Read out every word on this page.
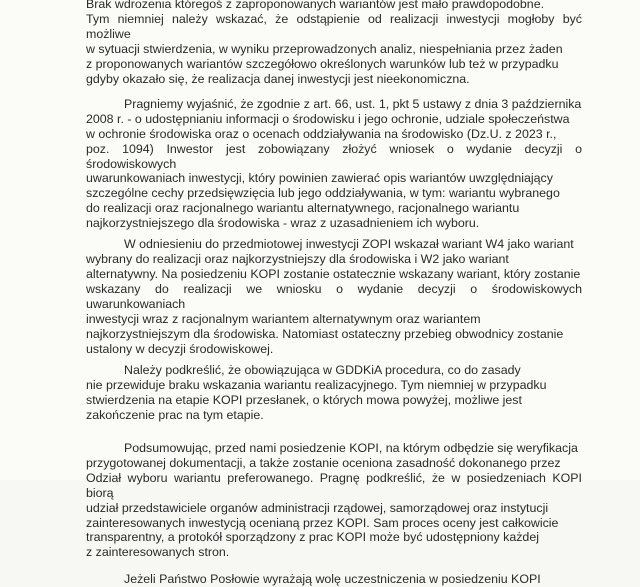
Brak wdrożenia któregoś z zaproponowanych wariantów jest mało prawdopodobne.
Tym niemniej należy wskazać, że odstąpienie od realizacji inwestycji mogłoby być możliwe
w sytuacji stwierdzenia, w wyniku przeprowadzonych analiz, niespełniania przez żaden
z proponowanych wariantów szczegółowo określonych warunków lub też w przypadku
gdyby okazało się, że realizacja danej inwestycji jest nieekonomiczna.

Pragniemy wyjaśnić, że zgodnie z art. 66, ust. 1, pkt 5 ustawy z dnia 3 października
2008 r. - o udostępnianiu informacji o środowisku i jego ochronie, udziale społeczeństwa
w ochronie środowiska oraz o ocenach oddziaływania na środowisko (Dz.U. z 2023 r.,
poz. 1094) Inwestor jest zobowiązany złożyć wniosek o wydanie decyzji o środowiskowych
uwarunkowaniach inwestycji, który powinien zawierać opis wariantów uwzględniający
szczególne cechy przedsięwzięcia lub jego oddziaływania, w tym: wariantu wybranego
do realizacji oraz racjonalnego wariantu alternatywnego, racjonalnego wariantu
najkorzystniejszego dla środowiska - wraz z uzasadnieniem ich wyboru.

W odniesieniu do przedmiotowej inwestycji ZOPI wskazał wariant W4 jako wariant
wybrany do realizacji oraz najkorzystniejszy dla środowiska i W2 jako wariant
alternatywny. Na posiedzeniu KOPI zostanie ostatecznie wskazany wariant, który zostanie
wskazany do realizacji we wniosku o wydanie decyzji o środowiskowych uwarunkowaniach
inwestycji wraz z racjonalnym wariantem alternatywnym oraz wariantem
najkorzystniejszym dla środowiska. Natomiast ostateczny przebieg obwodnicy zostanie
ustalony w decyzji środowiskowej.

Należy podkreślić, że obowiązująca w GDDKiA procedura, co do zasady
nie przewiduje braku wskazania wariantu realizacyjnego. Tym niemniej w przypadku
stwierdzenia na etapie KOPI przesłanek, o których mowa powyżej, możliwe jest
zakończenie prac na tym etapie.

Podsumowując, przed nami posiedzenie KOPI, na którym odbędzie się weryfikacja
przygotowanej dokumentacji, a także zostanie oceniona zasadność dokonanego przez
Odział wyboru wariantu preferowanego. Pragnę podkreślić, że w posiedzeniach KOPI biorą
udział przedstawiciele organów administracji rządowej, samorządowej oraz instytucji
zainteresowanych inwestycją ocenianą przez KOPI. Sam proces oceny jest całkowicie
transparentny, a protokół sporządzony z prac KOPI może być udostępniony każdej
z zainteresowanych stron.

Jeżeli Państwo Posłowie wyrażają wolę uczestniczenia w posiedzeniu KOPI
